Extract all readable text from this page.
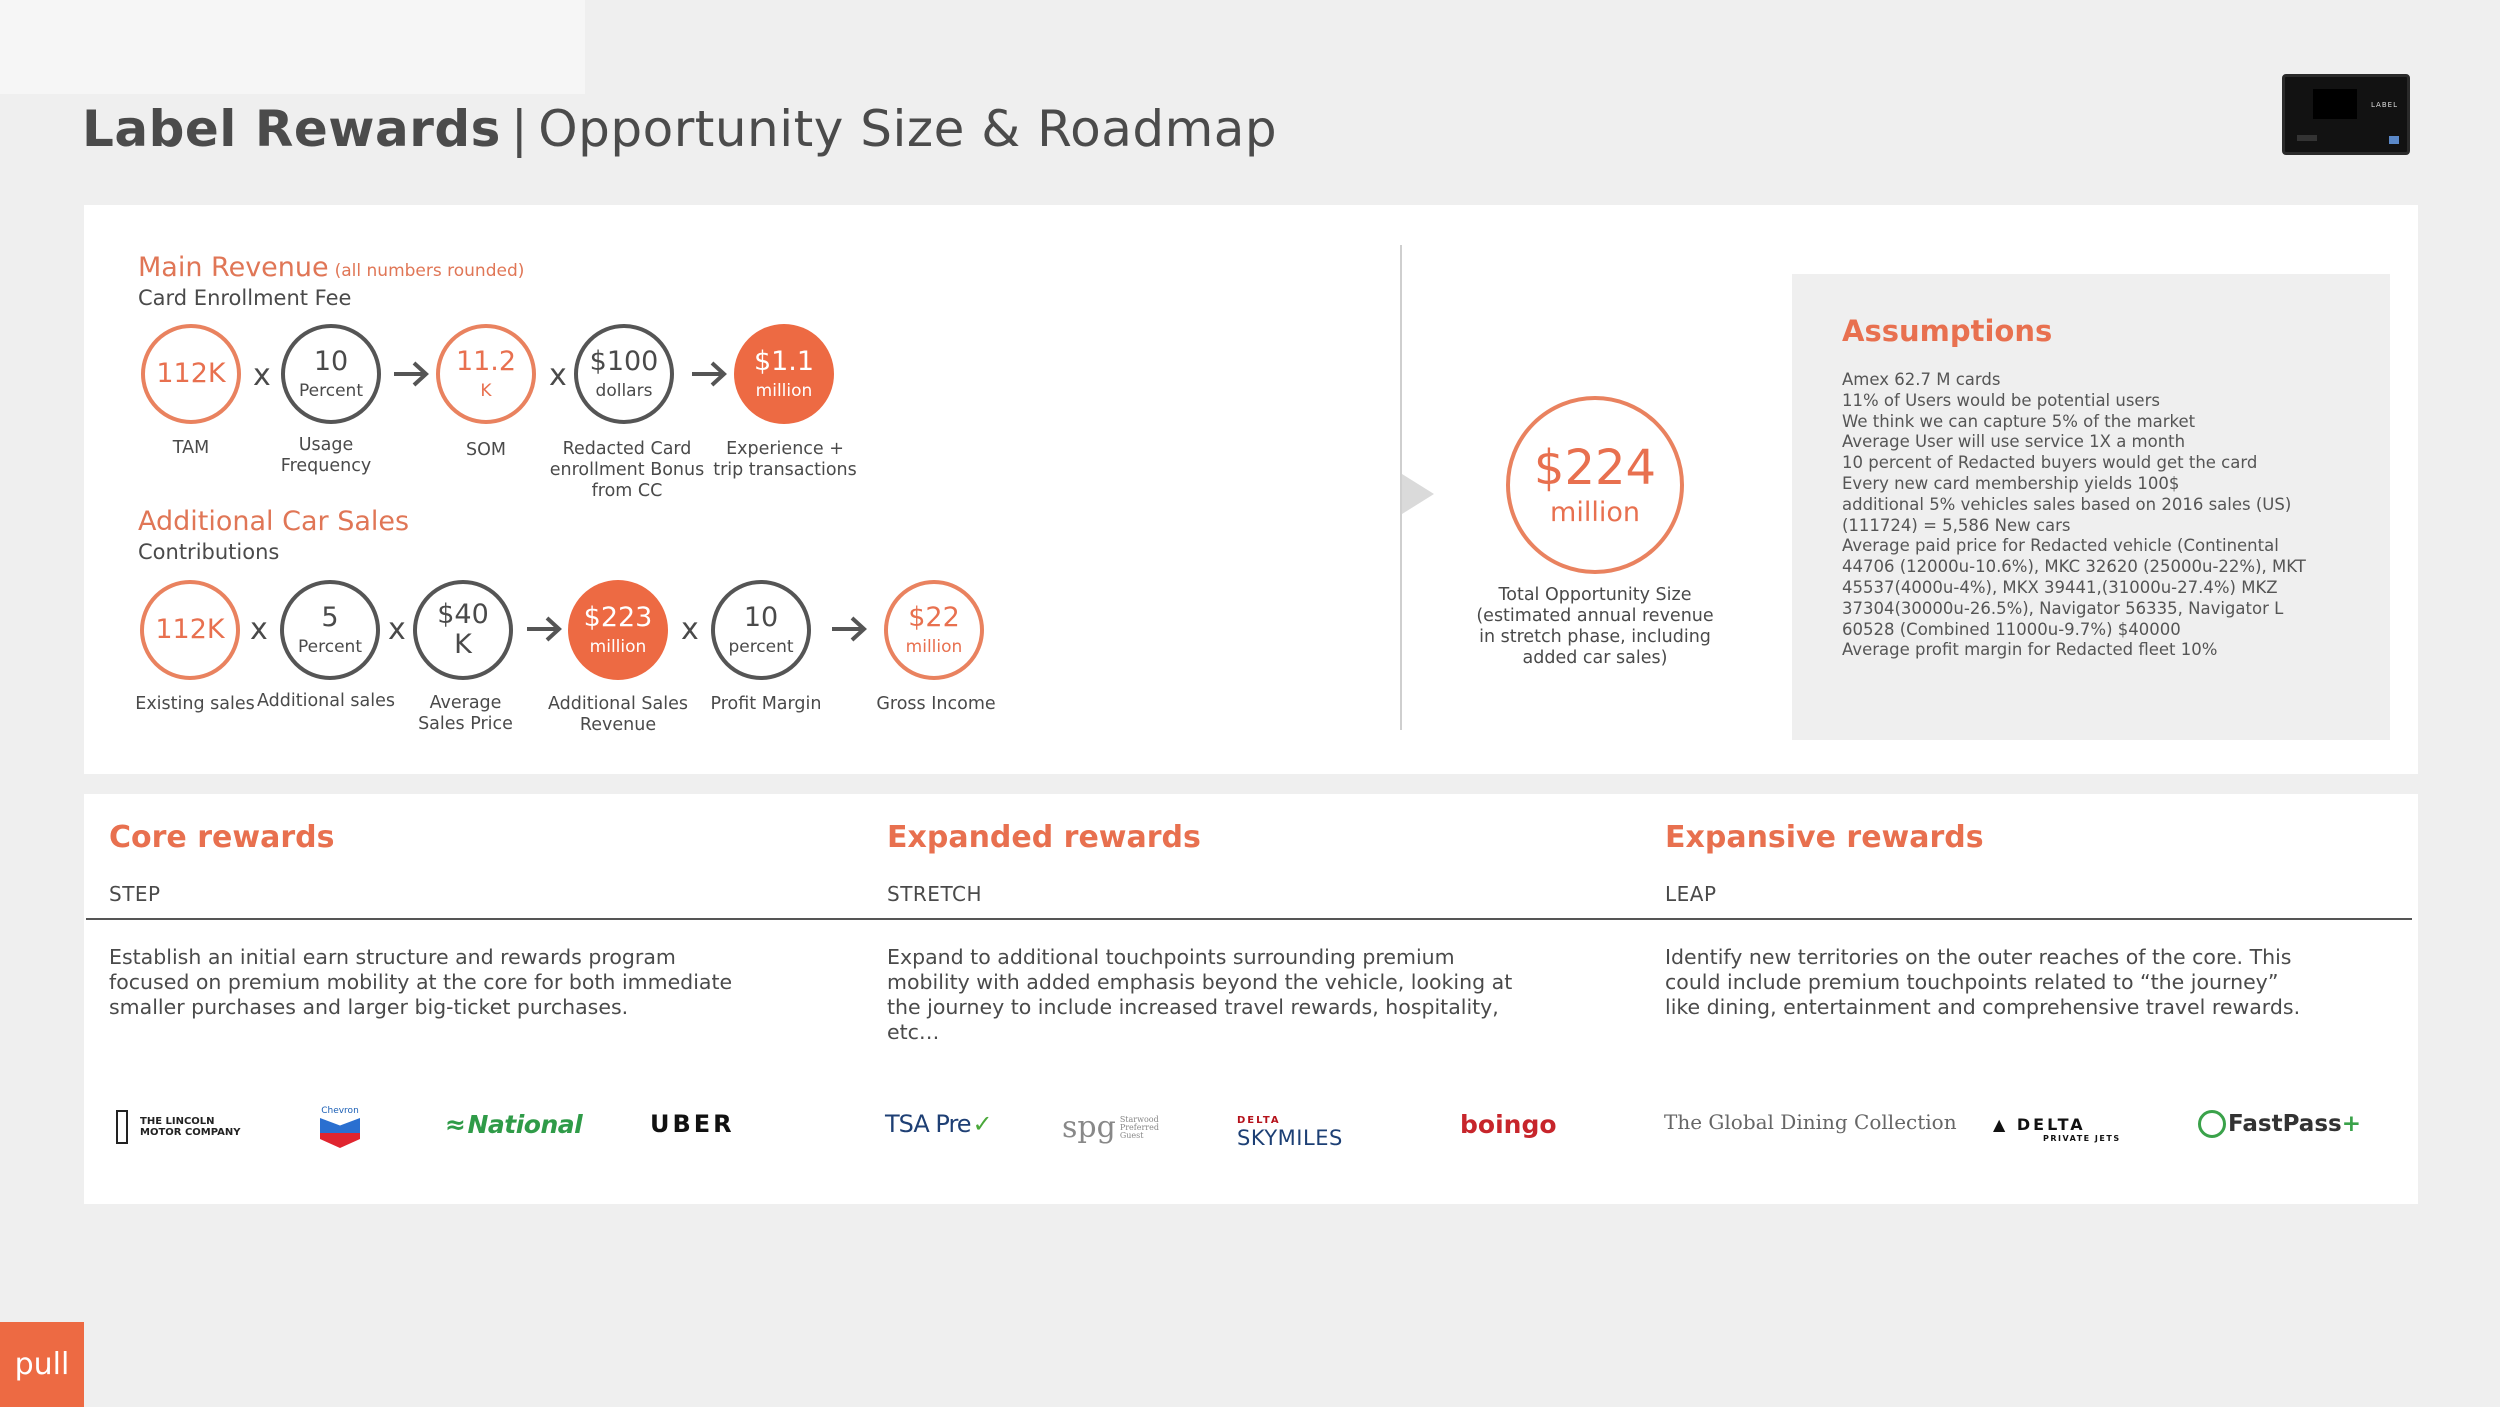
Label Rewards | Opportunity Size & Roadmap	LABEL
Main Revenue (all numbers rounded)
Card Enrollment Fee
112K x 10
Percent
11.2
K x $100
dollars
$1.1
million
TAM	Usage Frequency
SOM	Redacted Card enrollment Bonus from CC
Experience + trip transactions
Additional Car Sales
Contributions
112K x 5
Percent x $40
K
$223
million x 10
percent
$22
million
Existing sales Additional sales	Average Sales Price
Additional Sales Revenue
Profit Margin	Gross Income
$224
million
Total Opportunity Size (estimated annual revenue in stretch phase, including added car sales)
Assumptions
Amex 62.7 M cards
11% of Users would be potential users
We think we can capture 5% of the market
Average User will use service 1X a month
10 percent of Redacted buyers would get the card
Every new card membership yields 100$
additional 5% vehicles sales based on 2016 sales (US)
(111724) = 5,586 New cars
Average paid price for Redacted vehicle (Continental
44706 (12000u-10.6%), MKC 32620 (25000u-22%), MKT
45537(4000u-4%), MKX 39441,(31000u-27.4%) MKZ
37304(30000u-26.5%), Navigator 56335, Navigator L
60528 (Combined 11000u-9.7%) $40000
Average profit margin for Redacted fleet 10%
Core rewards
STEP
Expanded rewards
STRETCH
Expansive rewards
LEAP
Establish an initial earn structure and rewards program focused on premium mobility at the core for both immediate smaller purchases and larger big-ticket purchases.
Expand to additional touchpoints surrounding premium mobility with added emphasis beyond the vehicle, looking at the journey to include increased travel rewards, hospitality, etc…
Identify new territories on the outer reaches of the core. This could include premium touchpoints related to “the journey” like dining, entertainment and comprehensive travel rewards.
THE LINCOLN MOTOR COMPANY
Chevron	≈ National	UBER	TSA Pre ✓ spg Starwood Preferred Guest
DELTA
SKYMILES	boingo	The Global Dining Collection ▲ DELTA
PRIVATE JETS
FastPass +
pull
